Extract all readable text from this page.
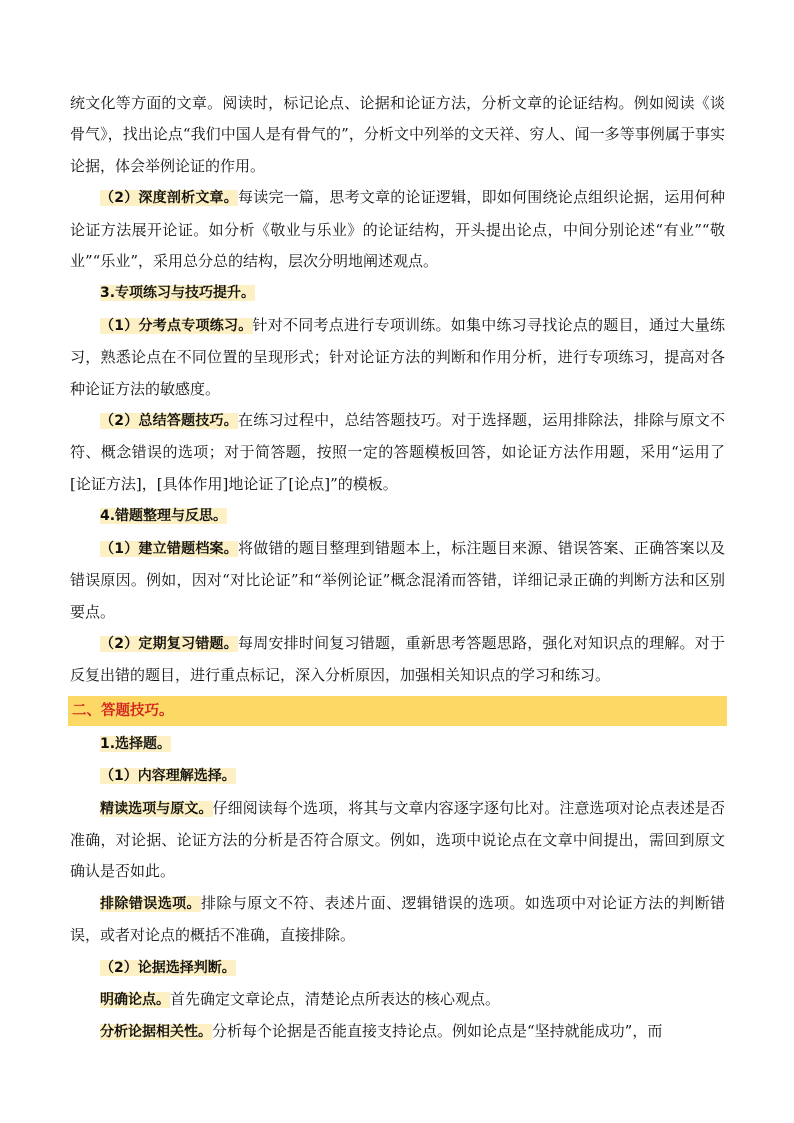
统文化等方面的文章。阅读时，标记论点、论据和论证方法，分析文章的论证结构。例如阅读《谈骨气》，找出论点“我们中国人是有骨气的”，分析文中列举的文天祥、穷人、闻一多等事例属于事实论据，体会举例论证的作用。

（2）深度剖析文章。每读完一篇，思考文章的论证逻辑，即如何围绕论点组织论据，运用何种论证方法展开论证。如分析《敬业与乐业》的论证结构，开头提出论点，中间分别论述“有业”“敬业”“乐业”，采用总分总的结构，层次分明地阐述观点。

3.专项练习与技巧提升。

（1）分考点专项练习。针对不同考点进行专项训练。如集中练习寻找论点的题目，通过大量练习，熟悉论点在不同位置的呈现形式；针对论证方法的判断和作用分析，进行专项练习，提高对各种论证方法的敏感度。

（2）总结答题技巧。在练习过程中，总结答题技巧。对于选择题，运用排除法，排除与原文不符、概念错误的选项；对于简答题，按照一定的答题模板回答，如论证方法作用题，采用“运用了[论证方法]，[具体作用]地论证了[论点]”的模板。

4.错题整理与反思。

（1）建立错题档案。将做错的题目整理到错题本上，标注题目来源、错误答案、正确答案以及错误原因。例如，因对“对比论证”和“举例论证”概念混淆而答错，详细记录正确的判断方法和区别要点。

（2）定期复习错题。每周安排时间复习错题，重新思考答题思路，强化对知识点的理解。对于反复出错的题目，进行重点标记，深入分析原因，加强相关知识点的学习和练习。

二、答题技巧。

1.选择题。

（1）内容理解选择。

精读选项与原文。仔细阅读每个选项，将其与文章内容逐字逐句比对。注意选项对论点表述是否准确，对论据、论证方法的分析是否符合原文。例如，选项中说论点在文章中间提出，需回到原文确认是否如此。

排除错误选项。排除与原文不符、表述片面、逻辑错误的选项。如选项中对论证方法的判断错误，或者对论点的概括不准确，直接排除。

（2）论据选择判断。

明确论点。首先确定文章论点，清楚论点所表达的核心观点。

分析论据相关性。分析每个论据是否能直接支持论点。例如论点是“坚持就能成功”，而
